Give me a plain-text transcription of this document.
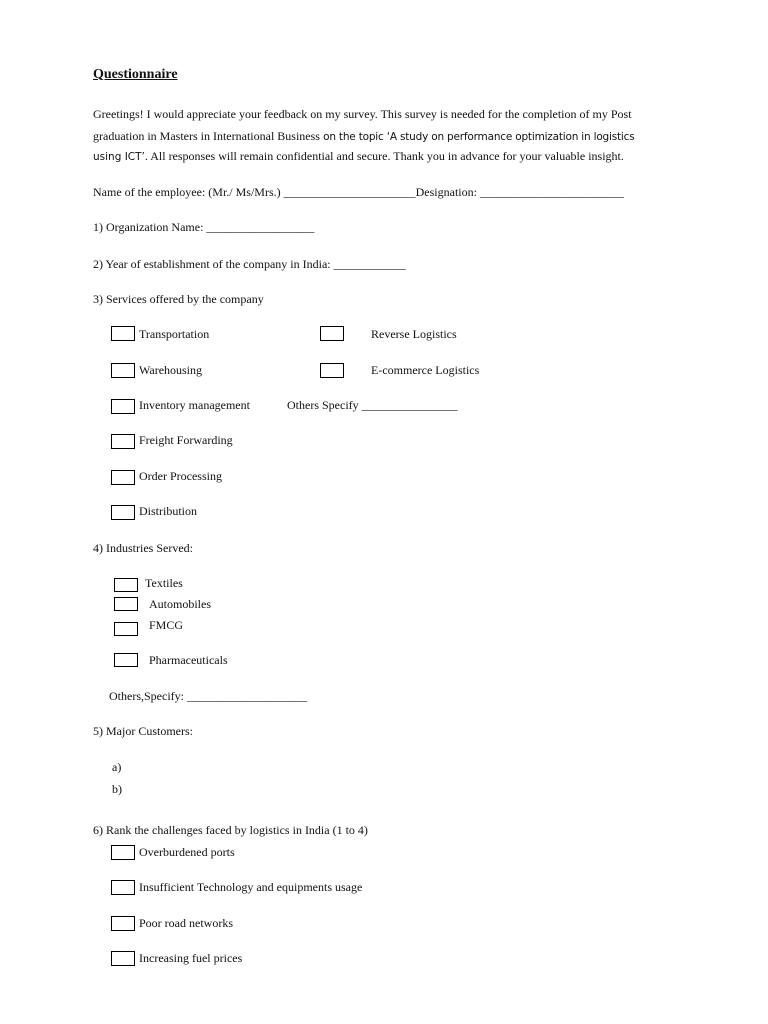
Questionnaire
Greetings! I would appreciate your feedback on my survey. This survey is needed for the completion of my Post
graduation in Masters in International Business on the topic ‘A study on performance optimization in logistics
using ICT’. All responses will remain confidential and secure. Thank you in advance for your valuable insight.
Name of the employee: (Mr./ Ms/Mrs.) ______________________Designation: ________________________
1) Organization Name: __________________
2) Year of establishment of the company in India: ____________
3) Services offered by the company
Transportation	Reverse Logistics
Warehousing	E-commerce Logistics
Inventory management	Others Specify ________________
Freight Forwarding
Order Processing
Distribution
4) Industries Served:
Textiles
Automobiles
FMCG
Pharmaceuticals
Others,Specify: ____________________
5) Major Customers:
a)
b)
6) Rank the challenges faced by logistics in India (1 to 4)
Overburdened ports
Insufficient Technology and equipments usage
Poor road networks
Increasing fuel prices
